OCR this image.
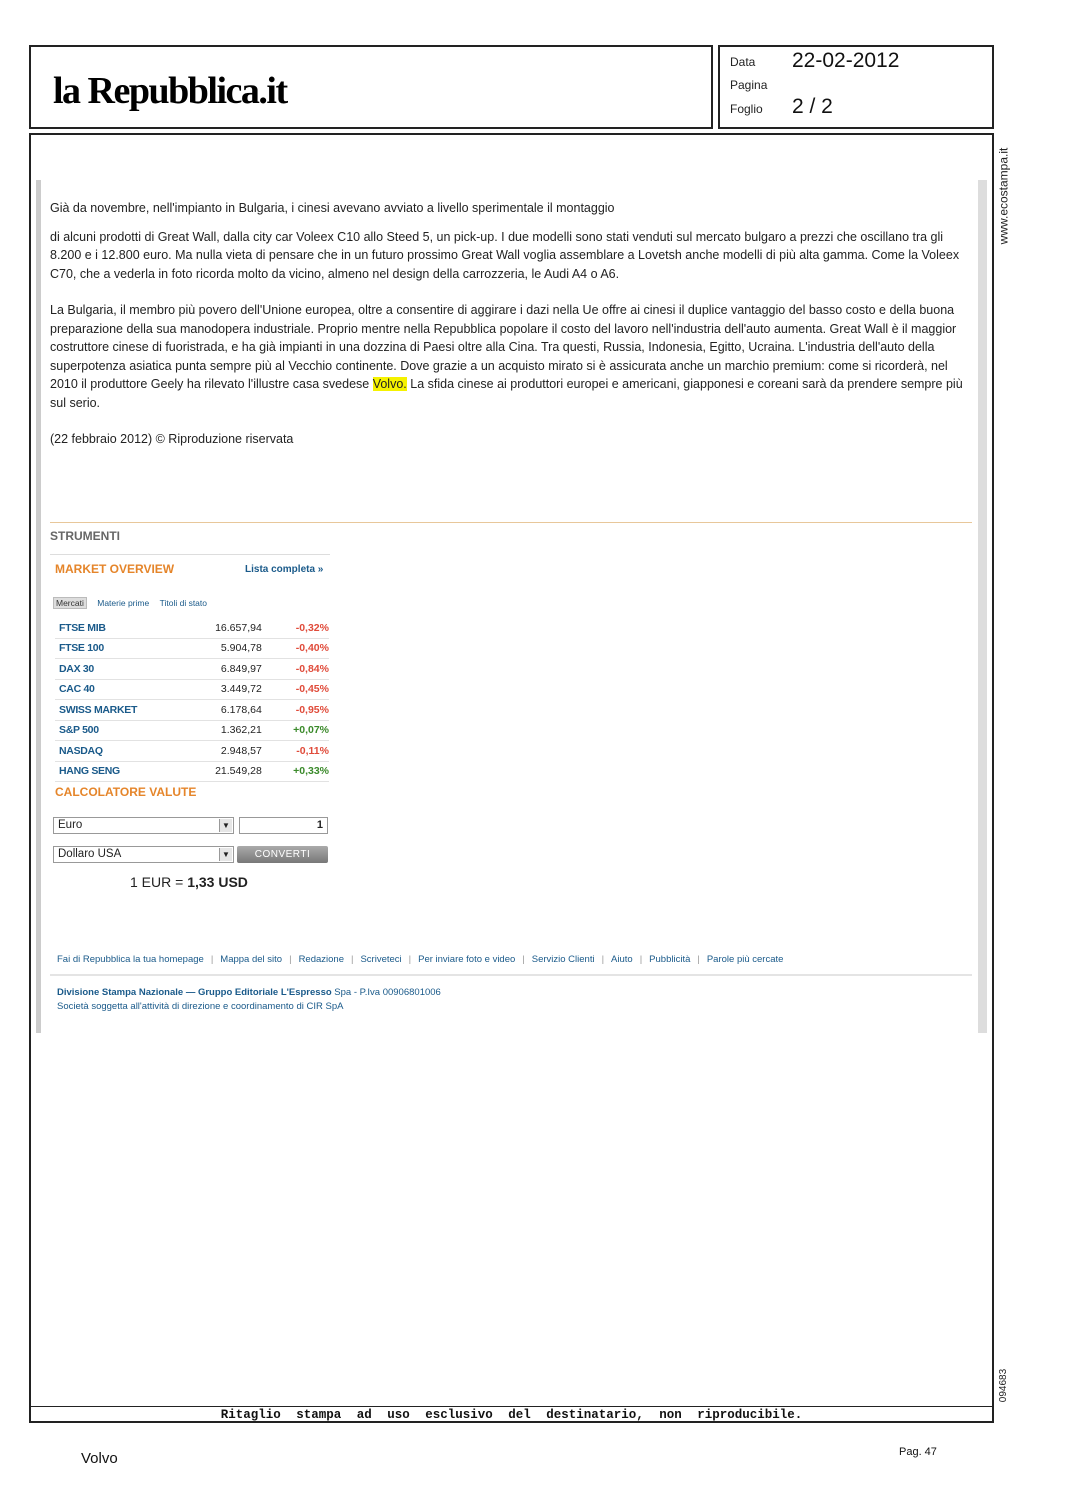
la Repubblica.it
Data 22-02-2012
Pagina
Foglio 2 / 2
www.ecostampa.it
094683

Già da novembre, nell'impianto in Bulgaria, i cinesi avevano avviato a livello sperimentale il montaggio

di alcuni prodotti di Great Wall, dalla city car Voleex C10 allo Steed 5, un pick-up. I due modelli sono stati venduti sul mercato bulgaro a prezzi che oscillano tra gli 8.200 e i 12.800 euro. Ma nulla vieta di pensare che in un futuro prossimo Great Wall voglia assemblare a Lovetsh anche modelli di più alta gamma. Come la Voleex C70, che a vederla in foto ricorda molto da vicino, almeno nel design della carrozzeria, le Audi A4 o A6.

La Bulgaria, il membro più povero dell'Unione europea, oltre a consentire di aggirare i dazi nella Ue offre ai cinesi il duplice vantaggio del basso costo e della buona preparazione della sua manodopera industriale. Proprio mentre nella Repubblica popolare il costo del lavoro nell'industria dell'auto aumenta. Great Wall è il maggior costruttore cinese di fuoristrada, e ha già impianti in una dozzina di Paesi oltre alla Cina. Tra questi, Russia, Indonesia, Egitto, Ucraina. L'industria dell'auto della superpotenza asiatica punta sempre più al Vecchio continente. Dove grazie a un acquisto mirato si è assicurata anche un marchio premium: come si ricorderà, nel 2010 il produttore Geely ha rilevato l'illustre casa svedese Volvo. La sfida cinese ai produttori europei e americani, giapponesi e coreani sarà da prendere sempre più sul serio.

(22 febbraio 2012) © Riproduzione riservata

STRUMENTI
MARKET OVERVIEW	Lista completa »
Mercati Materie prime Titoli di stato
FTSE MIB	16.657,94	-0,32%
FTSE 100	5.904,78	-0,40%
DAX 30	6.849,97	-0,84%
CAC 40	3.449,72	-0,45%
SWISS MARKET	6.178,64	-0,95%
S&P 500	1.362,21	+0,07%
NASDAQ	2.948,57	-0,11%
HANG SENG	21.549,28	+0,33%
CALCOLATORE VALUTE
Euro	▼	1
Dollaro USA	▼	CONVERTI
1 EUR = 1,33 USD
Fai di Repubblica la tua homepage | Mappa del sito | Redazione | Scriveteci | Per inviare foto e video | Servizio Clienti | Aiuto | Pubblicità | Parole più cercate
Divisione Stampa Nazionale — Gruppo Editoriale L'Espresso Spa - P.Iva 00906801006
Società soggetta all'attività di direzione e coordinamento di CIR SpA
Ritaglio stampa ad uso esclusivo del destinatario, non riproducibile.
Volvo	Pag. 47
